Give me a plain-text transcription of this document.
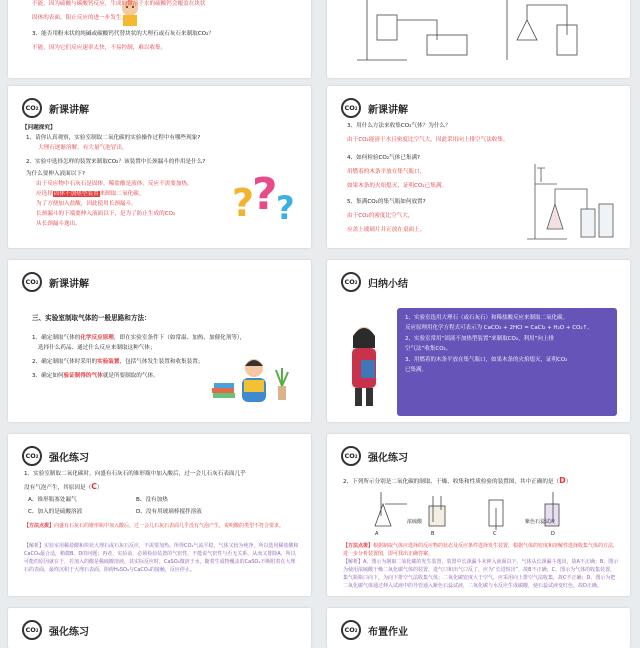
不能，因为硫酸与碳酸钙反应，生成的微溶于水的硫酸钙会覆盖在块状
固体的表面，阻止反应的进一步发生。
3、能否用粉末状的纯碱或碳酸钙代替块状的大理石或石灰石来制取CO₂？
不能，因为它们反应速率太快，不易控制，难以收集。
CO 2 新课讲解
【问题探究】
1、请你认真观察，实验室制取二氧化碳的实验操作过程中有哪些现象?
大理石逐渐溶解，有大量气泡冒出。
2、实验中选择怎样的装置来制取CO₂？该装置中长颈漏斗的作用是什么?
为什么要伸入液面以下?
由于反应物中石灰石是固体，稀盐酸是液体，反应不需要加热，
应选择固体不加热型装置来制取二氧化碳。
为了方便加入盐酸，因此使用长颈漏斗。
长颈漏斗的下端要伸入液面以下，是为了防止生成的CO₂
从长颈漏斗逸出。	?
?
?
CO 2 新课讲解
3、用什么方法来收集CO₂气体？为什么？
由于CO₂能溶于水且密度比空气大，因此采用向上排空气法收集。
4、如何检验CO₂气体已集满?
用燃着的木条平放在集气瓶口，
如果木条的火焰熄灭，证明CO₂已集满。
5、集满CO₂的集气瓶如何放置?
由于CO₂的密度比空气大，
应盖上玻璃片并正放在桌面上。
CO 2 新课讲解
三、实验室制取气体的一般思路和方法：
1、确定制取气体的化学反应原理，即在实验室条件下（如常温、加热、加催化剂等），
选择什么药品、通过什么反应来制取这种气体；
2、确定制取气体时采用的实验装置，包括气体发生装置和收集装置；
3、确定如何验证制得的气体就是所要制取的气体。
CO 2 归纳小结
1、实验室选用大理石（或石灰石）和稀盐酸反应来制取二氧化碳。
反应原理用化学方程式可表示为 CaCO₃ + 2HCl = CaCl₂ + H₂O + CO₂↑。
2、实验室常用“固液不加热型装置”来制取CO₂，利用“向上排
空气法”收集CO₂。
3、用燃着的木条平放在集气瓶口，如果木条的火焰熄灭，证明CO₂
已集满。
CO 2 强化练习
1、实验室制取二氧化碳时，向盛有石灰石的锥形瓶中加入酸后，过一会儿石灰石表面几乎
没有气泡产生，其原因是（C）
A、锥形瓶塞处漏气	B、没有加热
C、加入的是硫酸溶液	D、没有用玻璃棒搅拌溶液
【方法点拨】向盛有石灰石的锥形瓶中加入酸后，过一会儿石灰石表面几乎没有气泡产生，说明酸的类型不符合要求。
【解析】实验室用稀盐酸和块状大理石或石灰石反应，不需要加热。所得CO₂气流平稳，气体又较为纯净，所以选用稀盐酸和CaCO₃最合适，稍微B、D的问题；再者，实验前，必须检验装置的气密性，不能说气密性与否无关系，从而又排除A，所以可能的原因就在于，若加入的酸是稀硫酸溶液，其实际反应时，CaSO₄微溶于水，随着生成物覆盖的CaSO₄不断附着在大理石的表面，最终沉积于大理石表面，阻碍H₂SO₄与CaCO₃的接触，反应停止。
CO 2 强化练习
2、下列所示分别是二氧化碳的制取、干燥、收集和性质检验的装置图，其中正确的是（D）
A
浓硫酸
B	C
紫色石蕊试液
D
【方法点拨】根据制取气体应选择的反应物的状态及反应条件选择发生装置，根据气体的密度和溶解性选择收集气体的方法，进一步分析装置图，即可找出正确答案。
【解析】A、图示为制取二氧化碳的发生装置，装置中长颈漏斗未伸入液面以下，气体从长颈漏斗逸出，故A不正确；B、图示为使用浓硫酸干燥二氧化碳气体的装置，进气口和出气口反了，应为“长进短出”，故B不正确；C、图示为气体的收集装置，集气瓶瓶口向下，为向下排空气法收集气体；二氧化碳密度大于空气，应采用向上排空气法收集，故C不正确；D、图示为把二氧化碳气体通过伸入试液中的导管通入紫色石蕊试液，二氧化碳与水反应生成碳酸，使石蕊试液变红色，故D正确。
CO 2 强化练习	CO 2 布置作业
